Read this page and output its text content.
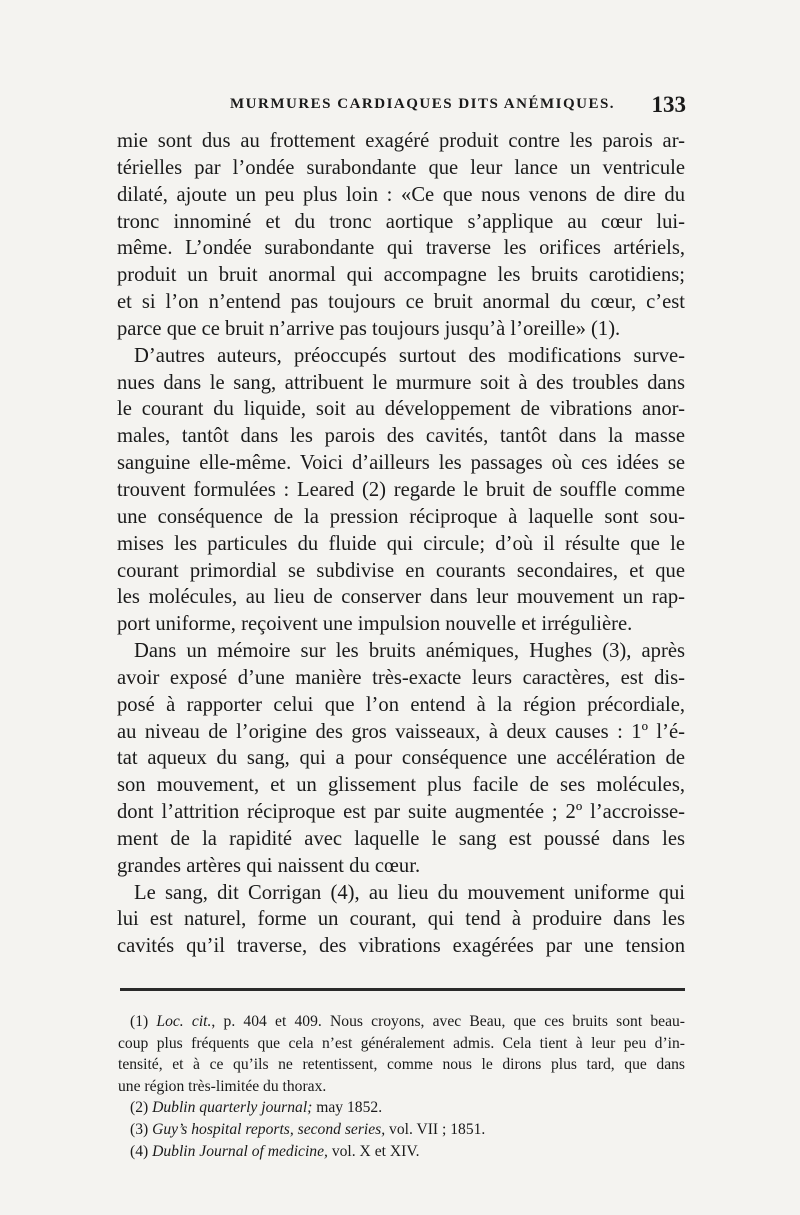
MURMURES CARDIAQUES DITS ANÉMIQUES. 133
mie sont dus au frottement exagéré produit contre les parois ar-
térielles par l’ondée surabondante que leur lance un ventricule
dilaté, ajoute un peu plus loin : «Ce que nous venons de dire du
tronc innominé et du tronc aortique s’applique au cœur lui-
même. L’ondée surabondante qui traverse les orifices artériels,
produit un bruit anormal qui accompagne les bruits carotidiens;
et si l’on n’entend pas toujours ce bruit anormal du cœur, c’est
parce que ce bruit n’arrive pas toujours jusqu’à l’oreille» (1).
D’autres auteurs, préoccupés surtout des modifications surve-
nues dans le sang, attribuent le murmure soit à des troubles dans
le courant du liquide, soit au développement de vibrations anor-
males, tantôt dans les parois des cavités, tantôt dans la masse
sanguine elle-même. Voici d’ailleurs les passages où ces idées se
trouvent formulées : Leared (2) regarde le bruit de souffle comme
une conséquence de la pression réciproque à laquelle sont sou-
mises les particules du fluide qui circule; d’où il résulte que le
courant primordial se subdivise en courants secondaires, et que
les molécules, au lieu de conserver dans leur mouvement un rap-
port uniforme, reçoivent une impulsion nouvelle et irrégulière.
Dans un mémoire sur les bruits anémiques, Hughes (3), après
avoir exposé d’une manière très-exacte leurs caractères, est dis-
posé à rapporter celui que l’on entend à la région précordiale,
au niveau de l’origine des gros vaisseaux, à deux causes : 1º l’é-
tat aqueux du sang, qui a pour conséquence une accélération de
son mouvement, et un glissement plus facile de ses molécules,
dont l’attrition réciproque est par suite augmentée ; 2º l’accroisse-
ment de la rapidité avec laquelle le sang est poussé dans les
grandes artères qui naissent du cœur.
Le sang, dit Corrigan (4), au lieu du mouvement uniforme qui
lui est naturel, forme un courant, qui tend à produire dans les
cavités qu’il traverse, des vibrations exagérées par une tension
(1) Loc. cit., p. 404 et 409. Nous croyons, avec Beau, que ces bruits sont beau-
coup plus fréquents que cela n’est généralement admis. Cela tient à leur peu d’in-
tensité, et à ce qu’ils ne retentissent, comme nous le dirons plus tard, que dans
une région très-limitée du thorax.
(2) Dublin quarterly journal; may 1852.
(3) Guy’s hospital reports, second series, vol. VII ; 1851.
(4) Dublin Journal of medicine, vol. X et XIV.
